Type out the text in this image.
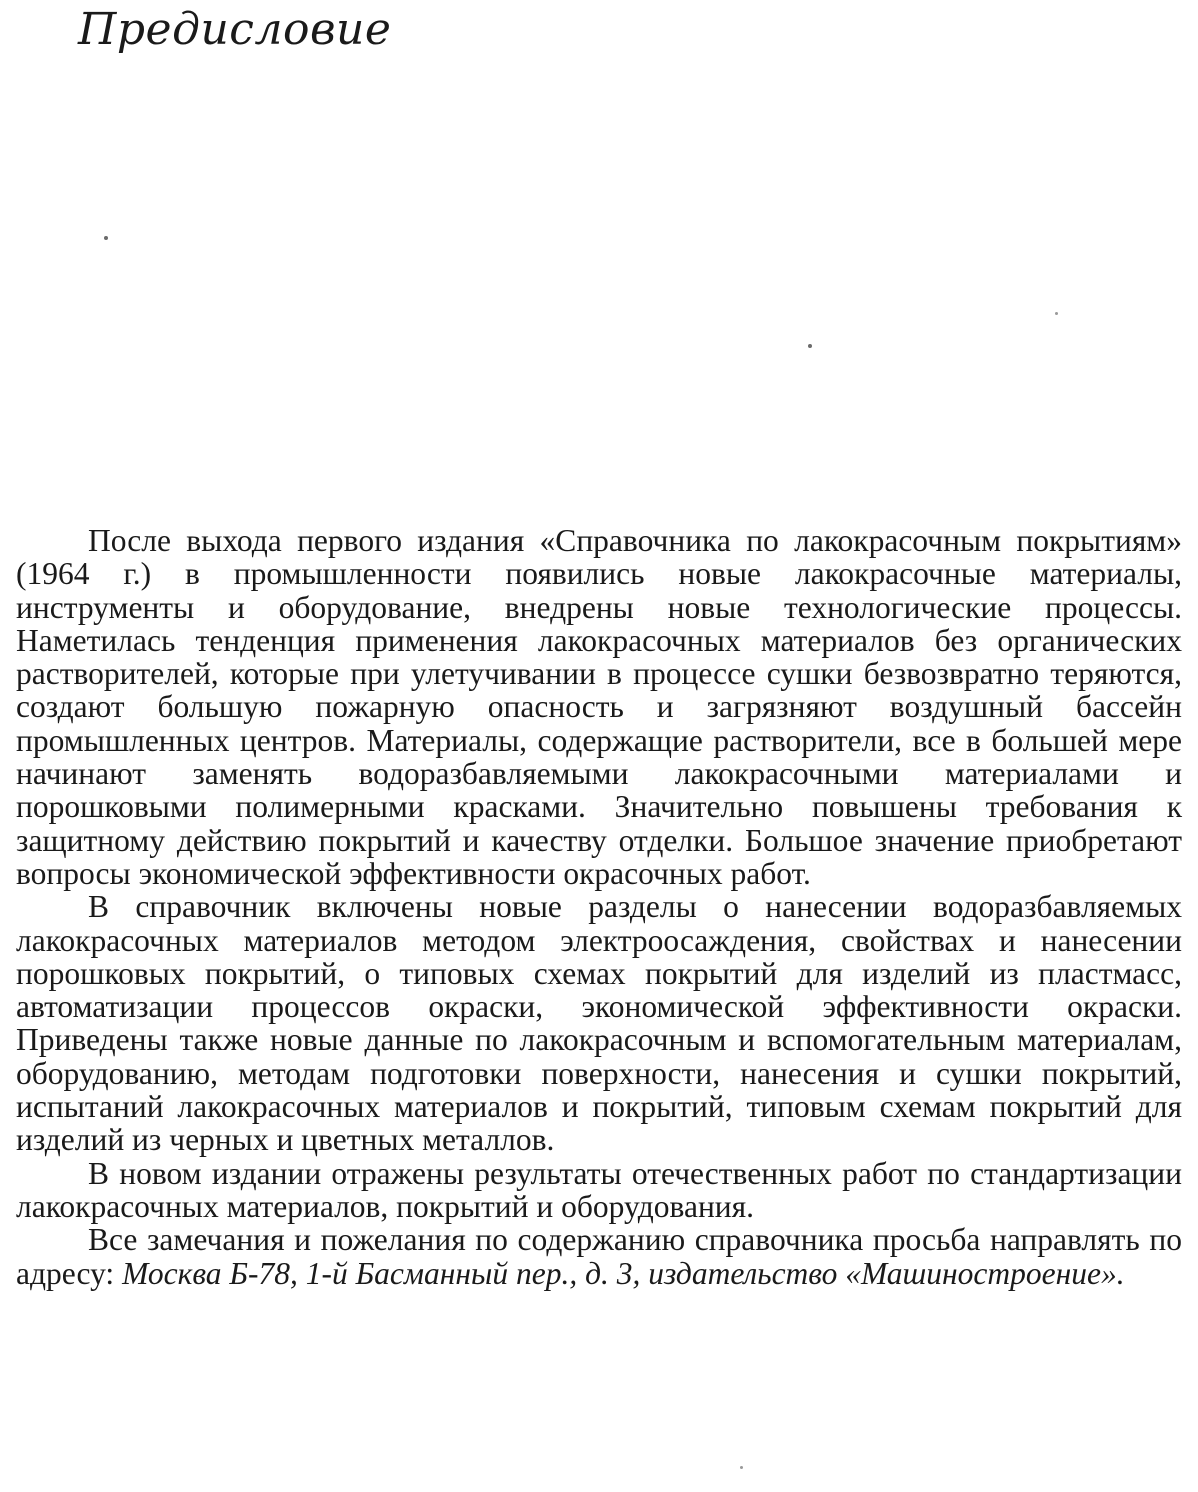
Предисловие

После выхода первого издания «Справочника по лакокрасочным покрытиям» (1964 г.) в промышленности появились новые лакокрасочные материалы, инструменты и оборудование, внедрены новые технологические процессы. Наметилась тенденция применения лакокрасочных материалов без органических растворителей, которые при улетучивании в процессе сушки безвозвратно теряются, создают большую пожарную опасность и загрязняют воздушный бассейн промышленных центров. Материалы, содержащие растворители, все в большей мере начинают заменять водоразбавляемыми лакокрасочными материалами и порошковыми полимерными красками. Значительно повышены требования к защитному действию покрытий и качеству отделки. Большое значение приобретают вопросы экономической эффективности окрасочных работ.

В справочник включены новые разделы о нанесении водоразбавляемых лакокрасочных материалов методом электроосаждения, свойствах и нанесении порошковых покрытий, о типовых схемах покрытий для изделий из пластмасс, автоматизации процессов окраски, экономической эффективности окраски. Приведены также новые данные по лакокрасочным и вспомогательным материалам, оборудованию, методам подготовки поверхности, нанесения и сушки покрытий, испытаний лакокрасочных материалов и покрытий, типовым схемам покрытий для изделий из черных и цветных металлов.

В новом издании отражены результаты отечественных работ по стандартизации лакокрасочных материалов, покрытий и оборудования.

Все замечания и пожелания по содержанию справочника просьба направлять по адресу: Москва Б-78, 1-й Басманный пер., д. 3, издательство «Машиностроение».
